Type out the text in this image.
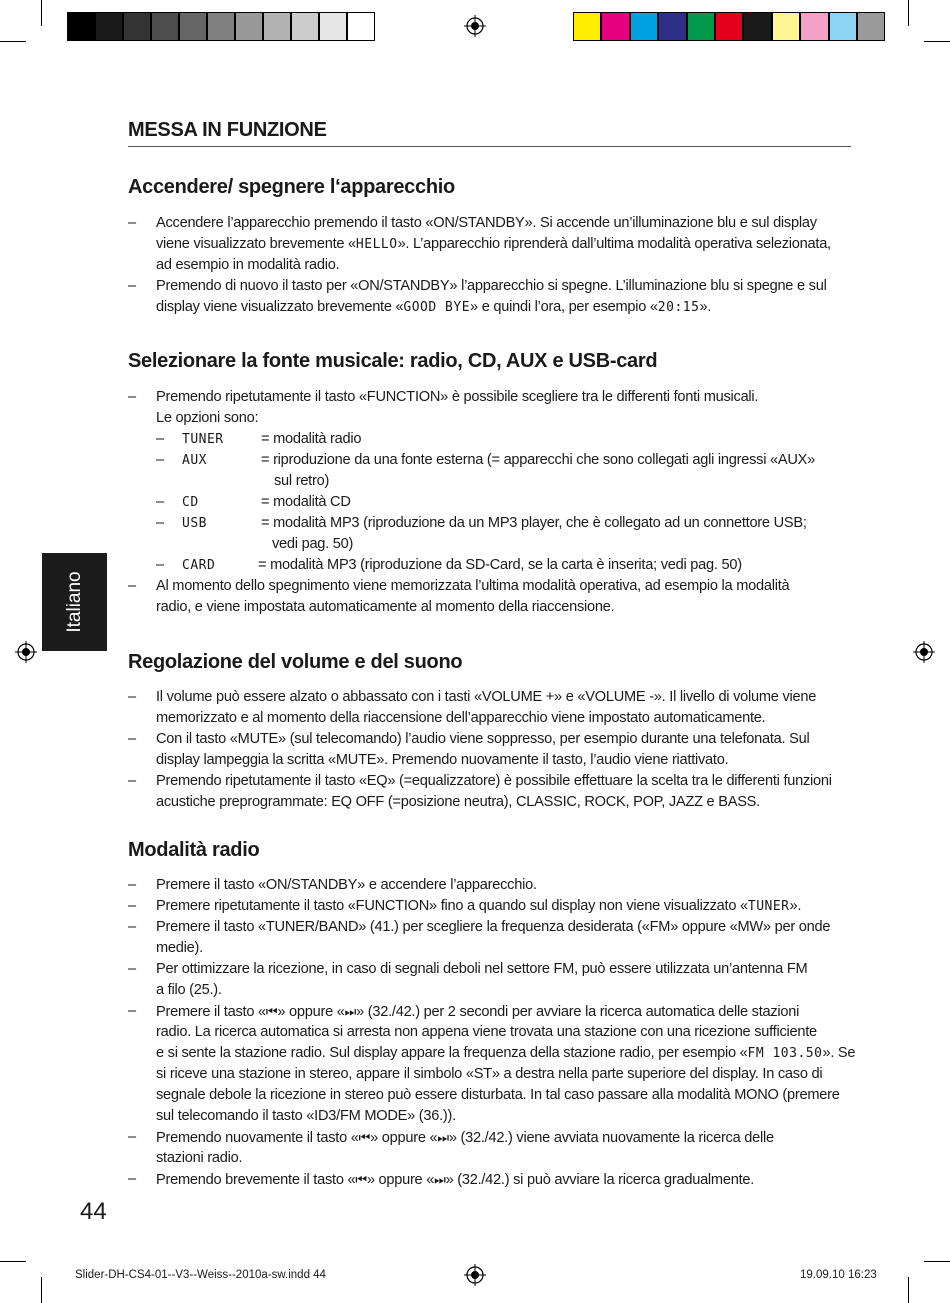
MESSA IN FUNZIONE
Italiano
Accendere/ spegnere l‘apparecchio
– Accendere l’apparecchio premendo il tasto «ON/STANDBY». Si accende un’illuminazione blu e sul display
viene visualizzato brevemente «HELLO». L’apparecchio riprenderà dall’ultima modalità operativa selezionata,
ad esempio in modalità radio.
– Premendo di nuovo il tasto per «ON/STANDBY» l’apparecchio si spegne. L’illuminazione blu si spegne e sul
display viene visualizzato brevemente «GOOD BYE» e quindi l’ora, per esempio «20:15».
Selezionare la fonte musicale: radio, CD, AUX e USB-card
– Premendo ripetutamente il tasto «FUNCTION» è possibile scegliere tra le differenti fonti musicali.
Le opzioni sono:
– TUNER	= modalità radio
– AUX	= riproduzione da una fonte esterna (= apparecchi che sono collegati agli ingressi «AUX»
sul retro)
– CD	= modalità CD
– USB	= modalità MP3 (riproduzione da un MP3 player, che è collegato ad un connettore USB;
vedi pag. 50)
– CARD	= modalità MP3 (riproduzione da SD-Card, se la carta è inserita; vedi pag. 50)
– Al momento dello spegnimento viene memorizzata l’ultima modalità operativa, ad esempio la modalità
radio, e viene impostata automaticamente al momento della riaccensione.
Regolazione del volume e del suono
– Il volume può essere alzato o abbassato con i tasti «VOLUME +» e «VOLUME -». Il livello di volume viene
memorizzato e al momento della riaccensione dell’apparecchio viene impostato automaticamente.
– Con il tasto «MUTE» (sul telecomando) l’audio viene soppresso, per esempio durante una telefonata. Sul
display lampeggia la scritta «MUTE». Premendo nuovamente il tasto, l’audio viene riattivato.
– Premendo ripetutamente il tasto «EQ» (=equalizzatore) è possibile effettuare la scelta tra le differenti funzioni
acustiche preprogrammate: EQ OFF (=posizione neutra), CLASSIC, ROCK, POP, JAZZ e BASS.
Modalità radio
– Premere il tasto «ON/STANDBY» e accendere l’apparecchio.
– Premere ripetutamente il tasto «FUNCTION» fino a quando sul display non viene visualizzato «TUNER».
– Premere il tasto «TUNER/BAND» (41.) per scegliere la frequenza desiderata («FM» oppure «MW» per onde
medie).
– Per ottimizzare la ricezione, in caso di segnali deboli nel settore FM, può essere utilizzata un’antenna FM
a filo (25.).
– Premere il tasto «⏮» oppure «⏭» (32./42.) per 2 secondi per avviare la ricerca automatica delle stazioni
radio. La ricerca automatica si arresta non appena viene trovata una stazione con una ricezione sufficiente
e si sente la stazione radio. Sul display appare la frequenza della stazione radio, per esempio «FM 103.50». Se
si riceve una stazione in stereo, appare il simbolo «ST» a destra nella parte superiore del display. In caso di
segnale debole la ricezione in stereo può essere disturbata. In tal caso passare alla modalità MONO (premere
sul telecomando il tasto «ID3/FM MODE» (36.)).
– Premendo nuovamente il tasto «⏮» oppure «⏭» (32./42.) viene avviata nuovamente la ricerca delle
stazioni radio.
– Premendo brevemente il tasto «⏮» oppure «⏭» (32./42.) si può avviare la ricerca gradualmente.
44
Slider-DH-CS4-01--V3--Weiss--2010a-sw.indd 44	19.09.10 16:23
